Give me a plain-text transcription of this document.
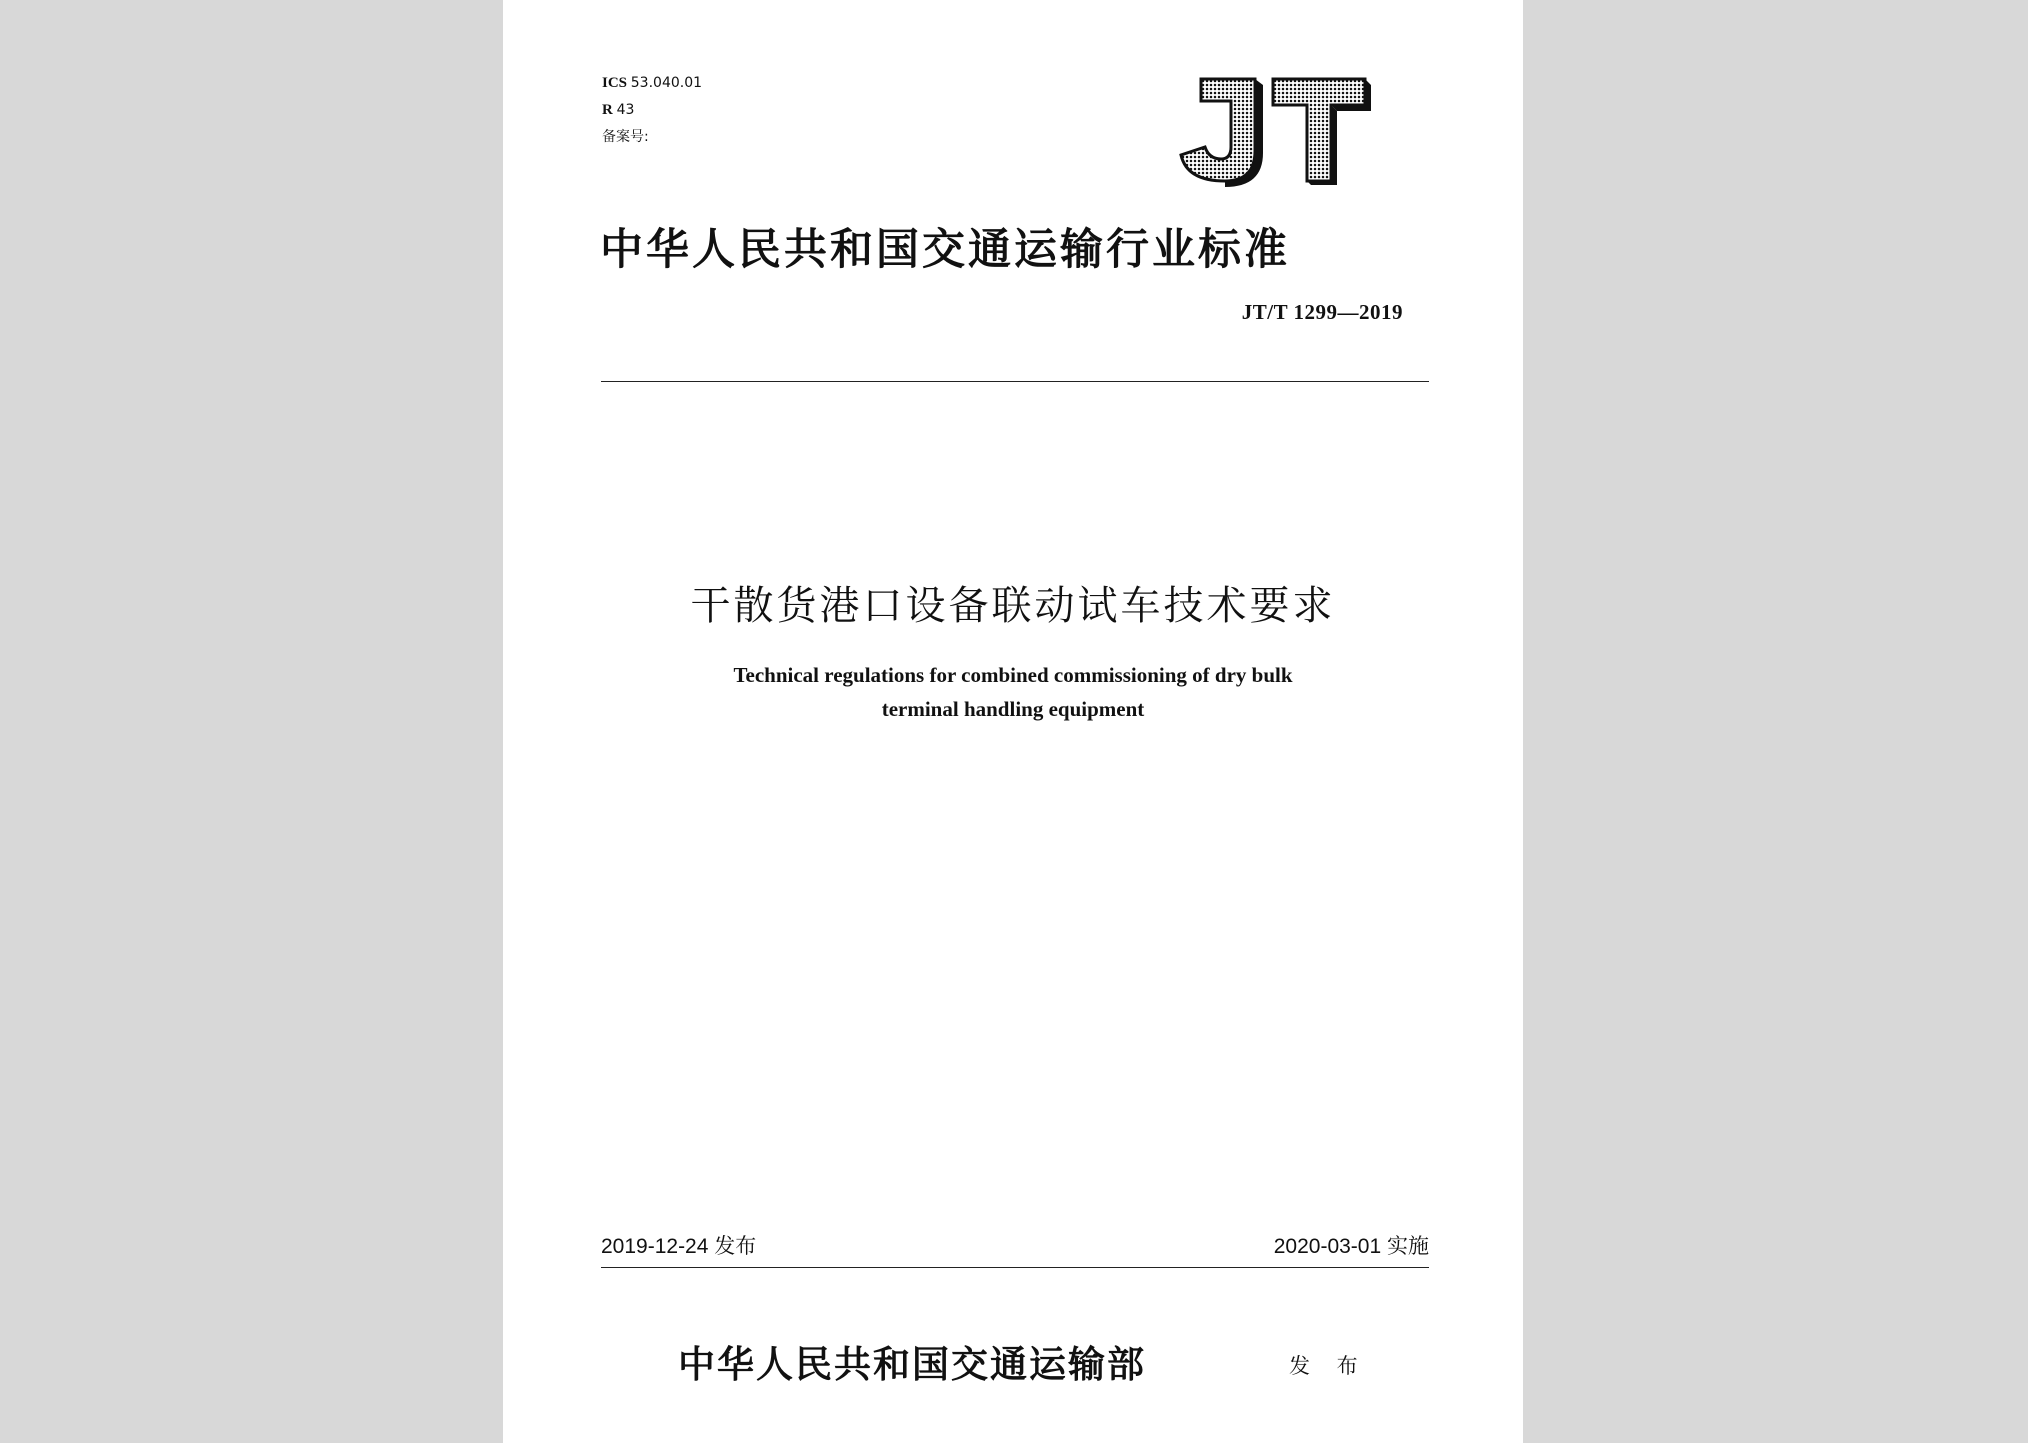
ICS 53.040.01
R 43
备案号:
中华人民共和国交通运输行业标准
JT/T 1299—2019
干散货港口设备联动试车技术要求
Technical regulations for combined commissioning of dry bulk
terminal handling equipment
2019-12-24 发布	2020-03-01 实施
中华人民共和国交通运输部	发 布
